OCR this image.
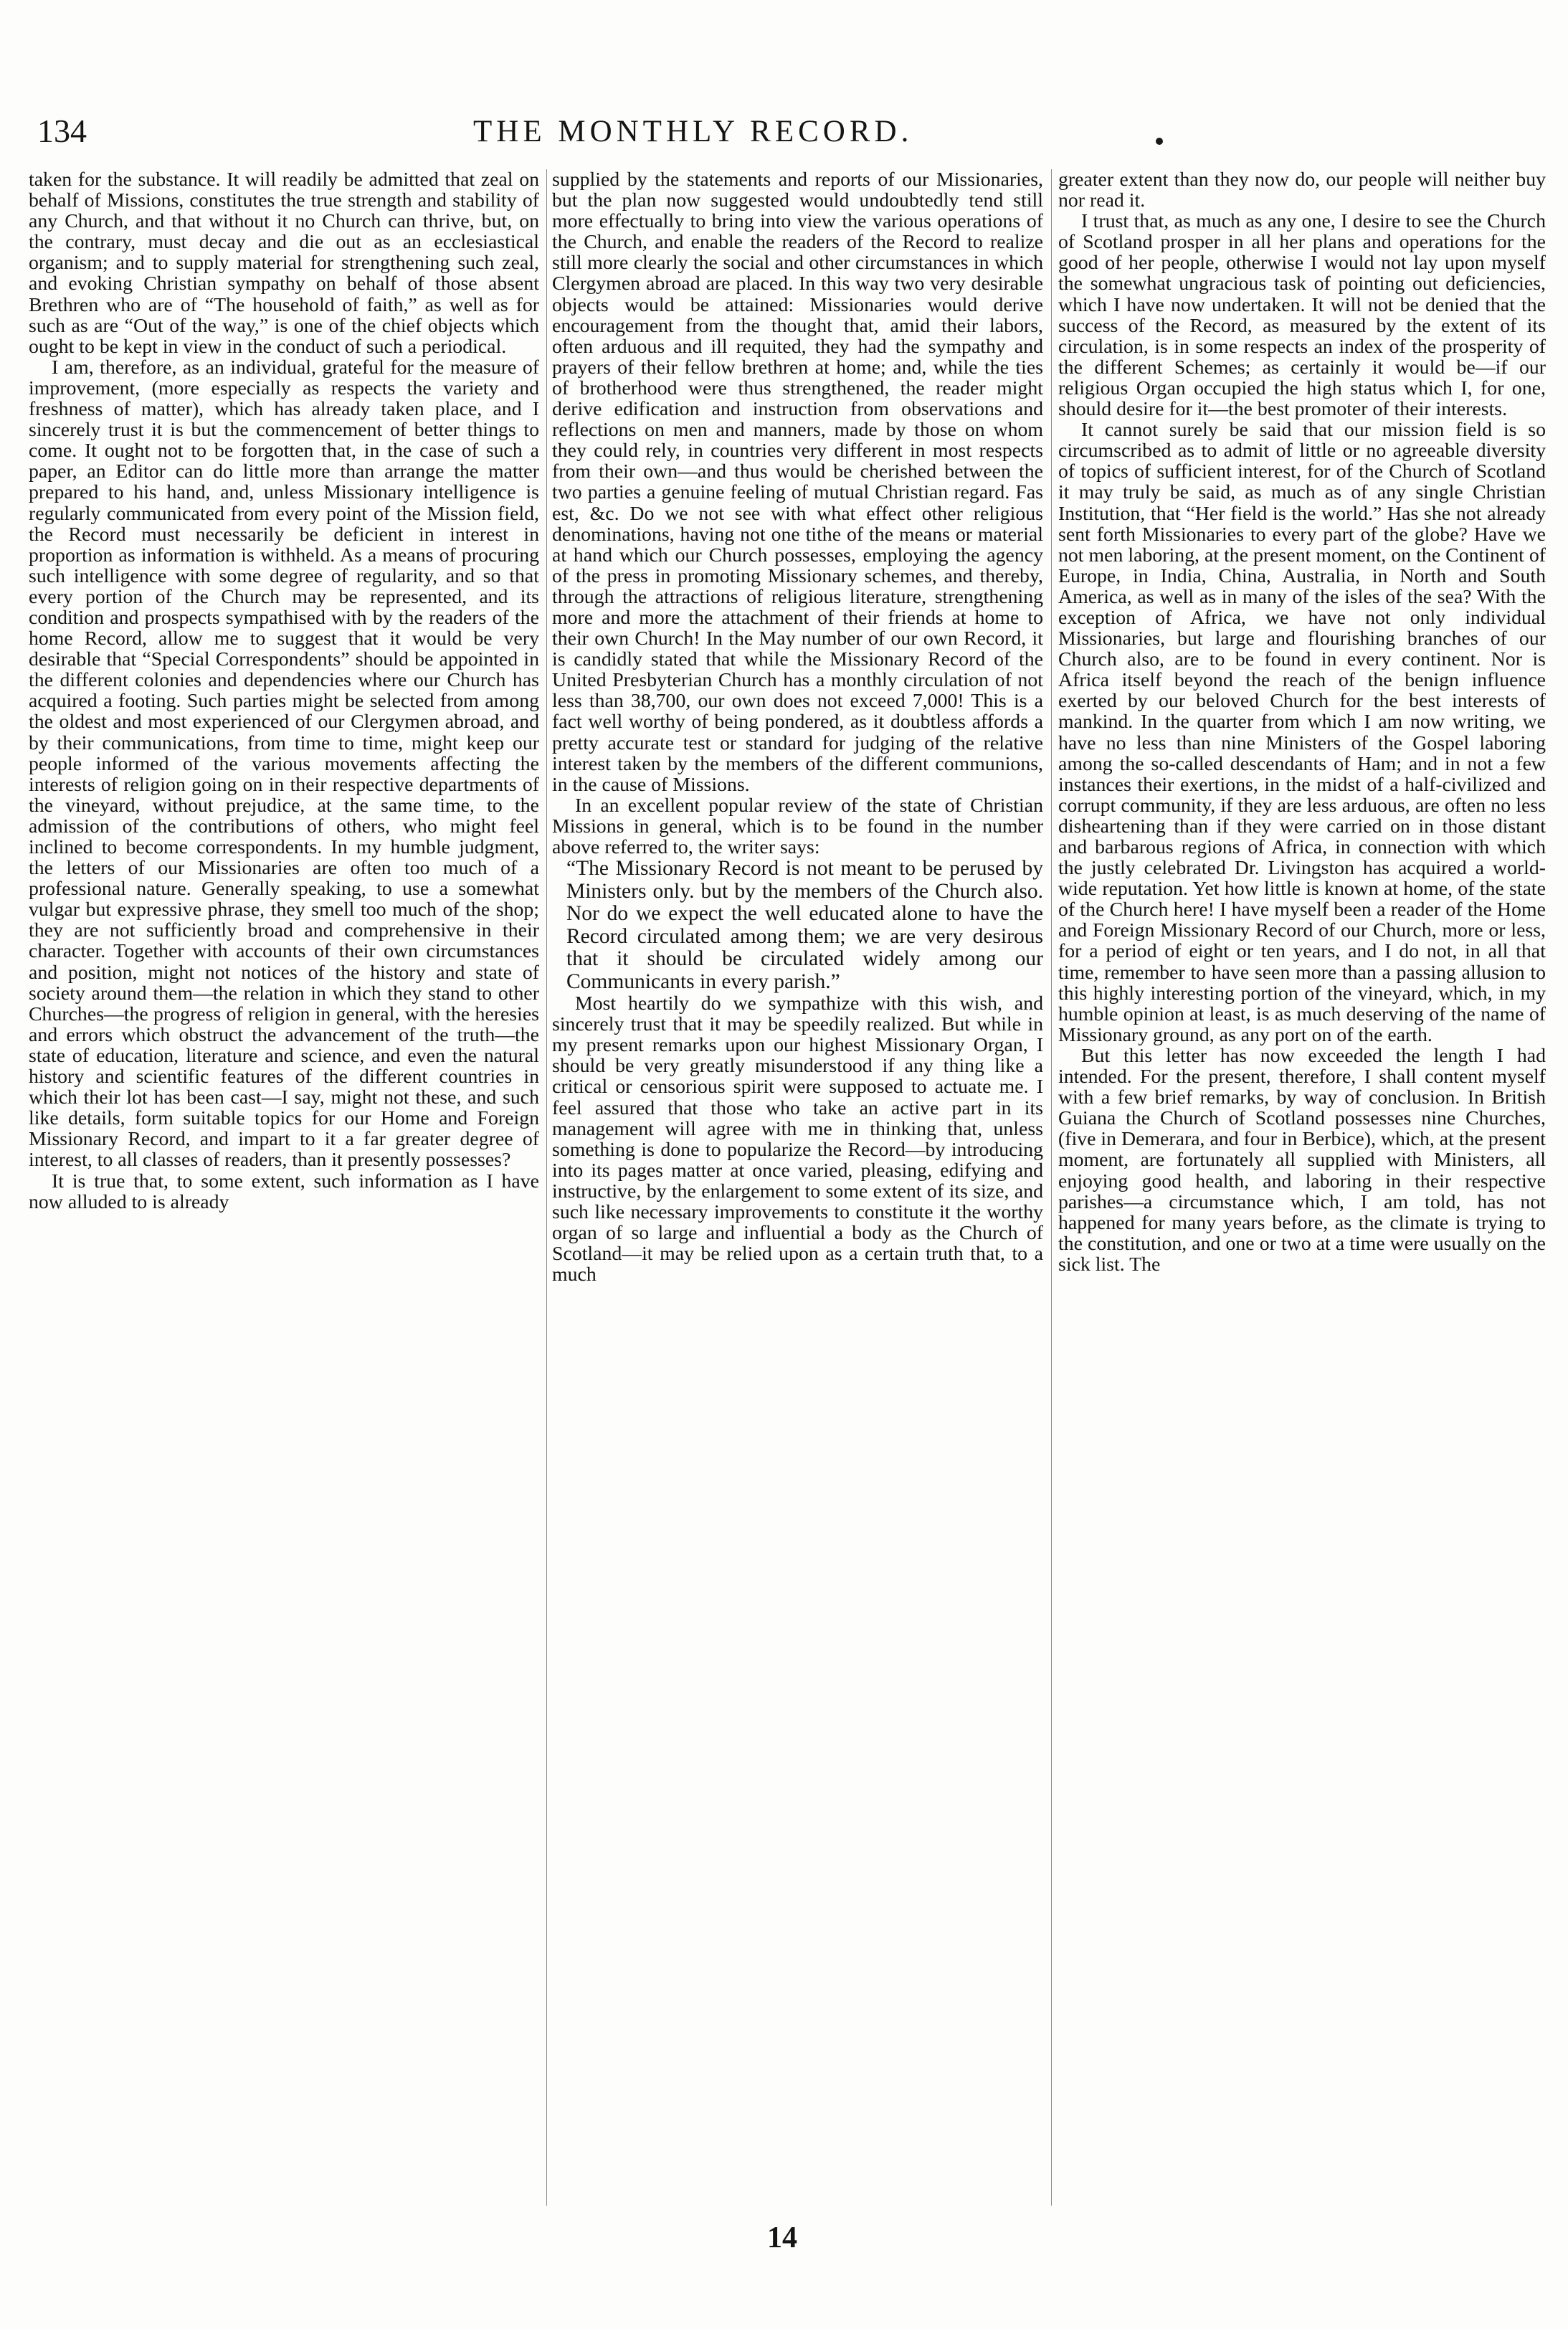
134	THE MONTHLY RECORD.

taken for the substance. It will readily be admitted that zeal on behalf of Missions, constitutes the true strength and stability of any Church, and that without it no Church can thrive, but, on the contrary, must decay and die out as an ecclesiastical organism; and to supply material for strengthening such zeal, and evoking Christian sympathy on behalf of those absent Brethren who are of “The household of faith,” as well as for such as are “Out of the way,” is one of the chief objects which ought to be kept in view in the conduct of such a periodical.

I am, therefore, as an individual, grateful for the measure of improvement, (more especially as respects the variety and freshness of matter), which has already taken place, and I sincerely trust it is but the commencement of better things to come. It ought not to be forgotten that, in the case of such a paper, an Editor can do little more than arrange the matter prepared to his hand, and, unless Missionary intelligence is regularly communicated from every point of the Mission field, the Record must necessarily be deficient in interest in proportion as information is withheld. As a means of procuring such intelligence with some degree of regularity, and so that every portion of the Church may be represented, and its condition and prospects sympathised with by the readers of the home Record, allow me to suggest that it would be very desirable that “Special Correspondents” should be appointed in the different colonies and dependencies where our Church has acquired a footing. Such parties might be selected from among the oldest and most experienced of our Clergymen abroad, and by their communications, from time to time, might keep our people informed of the various movements affecting the interests of religion going on in their respective departments of the vineyard, without prejudice, at the same time, to the admission of the contributions of others, who might feel inclined to become correspondents. In my humble judgment, the letters of our Missionaries are often too much of a professional nature. Generally speaking, to use a somewhat vulgar but expressive phrase, they smell too much of the shop; they are not sufficiently broad and comprehensive in their character. Together with accounts of their own circumstances and position, might not notices of the history and state of society around them—the relation in which they stand to other Churches—the progress of religion in general, with the heresies and errors which obstruct the advancement of the truth—the state of education, literature and science, and even the natural history and scientific features of the different countries in which their lot has been cast—I say, might not these, and such like details, form suitable topics for our Home and Foreign Missionary Record, and impart to it a far greater degree of interest, to all classes of readers, than it presently possesses?

It is true that, to some extent, such information as I have now alluded to is already

supplied by the statements and reports of our Missionaries, but the plan now suggested would undoubtedly tend still more effectually to bring into view the various operations of the Church, and enable the readers of the Record to realize still more clearly the social and other circumstances in which Clergymen abroad are placed. In this way two very desirable objects would be attained: Missionaries would derive encouragement from the thought that, amid their labors, often arduous and ill requited, they had the sympathy and prayers of their fellow brethren at home; and, while the ties of brotherhood were thus strengthened, the reader might derive edification and instruction from observations and reflections on men and manners, made by those on whom they could rely, in countries very different in most respects from their own—and thus would be cherished between the two parties a genuine feeling of mutual Christian regard. Fas est, &c. Do we not see with what effect other religious denominations, having not one tithe of the means or material at hand which our Church possesses, employing the agency of the press in promoting Missionary schemes, and thereby, through the attractions of religious literature, strengthening more and more the attachment of their friends at home to their own Church! In the May number of our own Record, it is candidly stated that while the Missionary Record of the United Presbyterian Church has a monthly circulation of not less than 38,700, our own does not exceed 7,000! This is a fact well worthy of being pondered, as it doubtless affords a pretty accurate test or standard for judging of the relative interest taken by the members of the different communions, in the cause of Missions.

In an excellent popular review of the state of Christian Missions in general, which is to be found in the number above referred to, the writer says:

“The Missionary Record is not meant to be perused by Ministers only. but by the members of the Church also. Nor do we expect the well educated alone to have the Record circulated among them; we are very desirous that it should be circulated widely among our Communicants in every parish.”

Most heartily do we sympathize with this wish, and sincerely trust that it may be speedily realized. But while in my present remarks upon our highest Missionary Organ, I should be very greatly misunderstood if any thing like a critical or censorious spirit were supposed to actuate me. I feel assured that those who take an active part in its management will agree with me in thinking that, unless something is done to popularize the Record—by introducing into its pages matter at once varied, pleasing, edifying and instructive, by the enlargement to some extent of its size, and such like necessary improvements to constitute it the worthy organ of so large and influential a body as the Church of Scotland—it may be relied upon as a certain truth that, to a much

greater extent than they now do, our people will neither buy nor read it.

I trust that, as much as any one, I desire to see the Church of Scotland prosper in all her plans and operations for the good of her people, otherwise I would not lay upon myself the somewhat ungracious task of pointing out deficiencies, which I have now undertaken. It will not be denied that the success of the Record, as measured by the extent of its circulation, is in some respects an index of the prosperity of the different Schemes; as certainly it would be—if our religious Organ occupied the high status which I, for one, should desire for it—the best promoter of their interests.

It cannot surely be said that our mission field is so circumscribed as to admit of little or no agreeable diversity of topics of sufficient interest, for of the Church of Scotland it may truly be said, as much as of any single Christian Institution, that “Her field is the world.” Has she not already sent forth Missionaries to every part of the globe? Have we not men laboring, at the present moment, on the Continent of Europe, in India, China, Australia, in North and South America, as well as in many of the isles of the sea? With the exception of Africa, we have not only individual Missionaries, but large and flourishing branches of our Church also, are to be found in every continent. Nor is Africa itself beyond the reach of the benign influence exerted by our beloved Church for the best interests of mankind. In the quarter from which I am now writing, we have no less than nine Ministers of the Gospel laboring among the so-called descendants of Ham; and in not a few instances their exertions, in the midst of a half-civilized and corrupt community, if they are less arduous, are often no less disheartening than if they were carried on in those distant and barbarous regions of Africa, in connection with which the justly celebrated Dr. Livingston has acquired a world-wide reputation. Yet how little is known at home, of the state of the Church here! I have myself been a reader of the Home and Foreign Missionary Record of our Church, more or less, for a period of eight or ten years, and I do not, in all that time, remember to have seen more than a passing allusion to this highly interesting portion of the vineyard, which, in my humble opinion at least, is as much deserving of the name of Missionary ground, as any port on of the earth.

But this letter has now exceeded the length I had intended. For the present, therefore, I shall content myself with a few brief remarks, by way of conclusion. In British Guiana the Church of Scotland possesses nine Churches, (five in Demerara, and four in Berbice), which, at the present moment, are fortunately all supplied with Ministers, all enjoying good health, and laboring in their respective parishes—a circumstance which, I am told, has not happened for many years before, as the climate is trying to the constitution, and one or two at a time were usually on the sick list. The

14
